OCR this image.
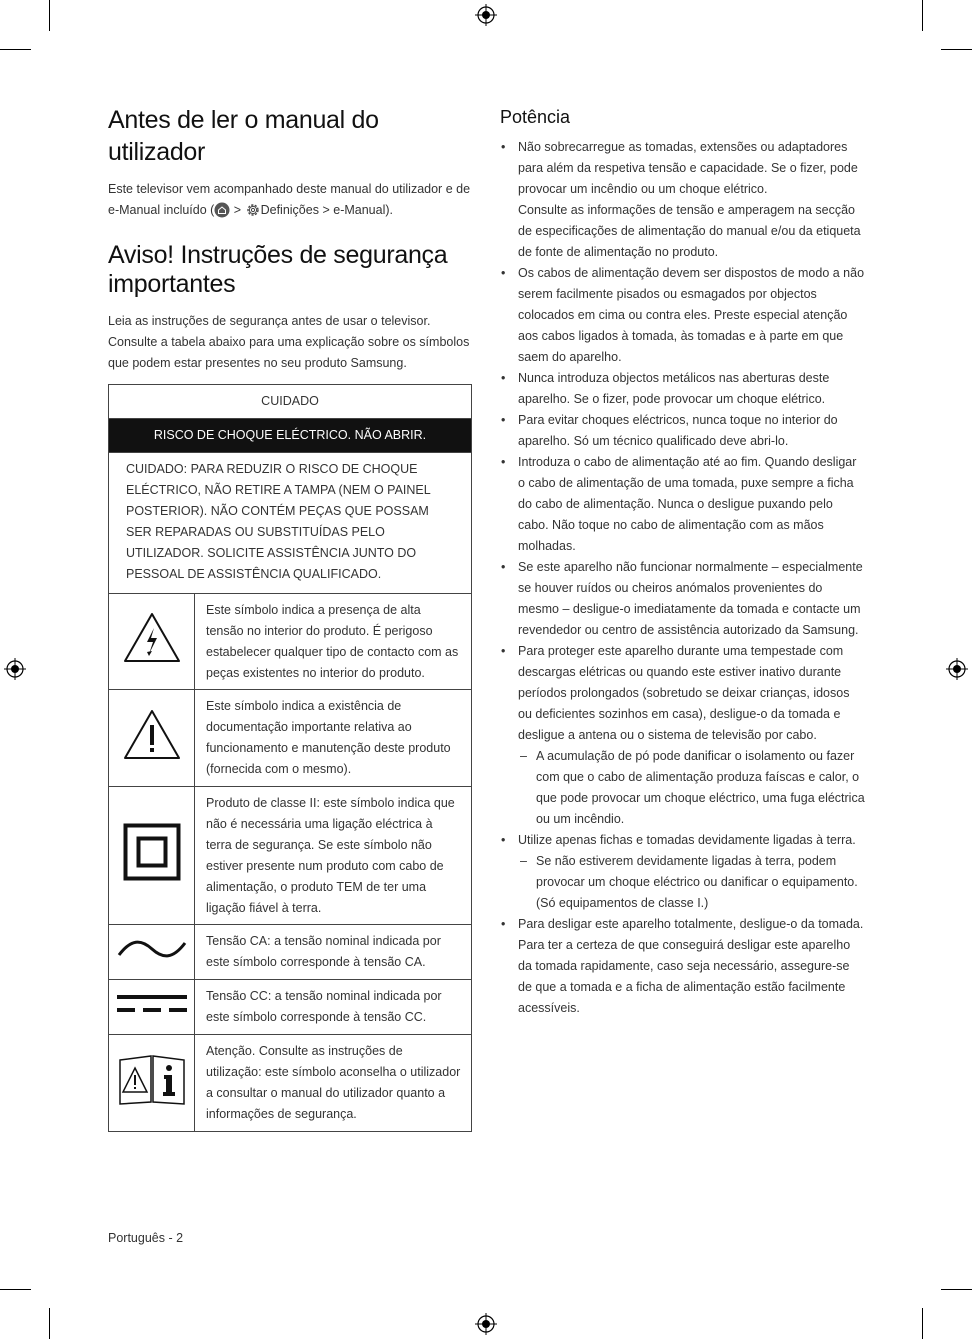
Antes de ler o manual do utilizador

Este televisor vem acompanhado deste manual do utilizador e de e-Manual incluído ( > Definições > e-Manual).

Aviso! Instruções de segurança importantes

Leia as instruções de segurança antes de usar o televisor. Consulte a tabela abaixo para uma explicação sobre os símbolos que podem estar presentes no seu produto Samsung.

CUIDADO	
RISCO DE CHOQUE ELÉCTRICO. NÃO ABRIR.	
CUIDADO: PARA REDUZIR O RISCO DE CHOQUE ELÉCTRICO, NÃO RETIRE A TAMPA (NEM O PAINEL POSTERIOR). NÃO CONTÉM PEÇAS QUE POSSAM SER REPARADAS OU SUBSTITUÍDAS PELO UTILIZADOR. SOLICITE ASSISTÊNCIA JUNTO DO PESSOAL DE ASSISTÊNCIA QUALIFICADO.	
	Este símbolo indica a presença de alta tensão no interior do produto. É perigoso estabelecer qualquer tipo de contacto com as peças existentes no interior do produto.
	Este símbolo indica a existência de documentação importante relativa ao funcionamento e manutenção deste produto (fornecida com o mesmo).
	Produto de classe II: este símbolo indica que não é necessária uma ligação eléctrica à terra de segurança. Se este símbolo não estiver presente num produto com cabo de alimentação, o produto TEM de ter uma ligação fiável à terra.
	Tensão CA: a tensão nominal indicada por este símbolo corresponde à tensão CA.
	Tensão CC: a tensão nominal indicada por este símbolo corresponde à tensão CC.
	Atenção. Consulte as instruções de utilização: este símbolo aconselha o utilizador a consultar o manual do utilizador quanto a informações de segurança.
Potência
• Não sobrecarregue as tomadas, extensões ou adaptadores para além da respetiva tensão e capacidade. Se o fizer, pode provocar um incêndio ou um choque elétrico.
Consulte as informações de tensão e amperagem na secção de especificações de alimentação do manual e/ou da etiqueta de fonte de alimentação no produto.
• Os cabos de alimentação devem ser dispostos de modo a não serem facilmente pisados ou esmagados por objectos colocados em cima ou contra eles. Preste especial atenção aos cabos ligados à tomada, às tomadas e à parte em que saem do aparelho.
• Nunca introduza objectos metálicos nas aberturas deste aparelho. Se o fizer, pode provocar um choque elétrico.
• Para evitar choques eléctricos, nunca toque no interior do aparelho. Só um técnico qualificado deve abri-lo.
• Introduza o cabo de alimentação até ao fim. Quando desligar o cabo de alimentação de uma tomada, puxe sempre a ficha do cabo de alimentação. Nunca o desligue puxando pelo cabo. Não toque no cabo de alimentação com as mãos molhadas.
• Se este aparelho não funcionar normalmente – especialmente se houver ruídos ou cheiros anómalos provenientes do mesmo – desligue-o imediatamente da tomada e contacte um revendedor ou centro de assistência autorizado da Samsung.
• Para proteger este aparelho durante uma tempestade com descargas elétricas ou quando este estiver inativo durante períodos prolongados (sobretudo se deixar crianças, idosos ou deficientes sozinhos em casa), desligue-o da tomada e desligue a antena ou o sistema de televisão por cabo.
– A acumulação de pó pode danificar o isolamento ou fazer com que o cabo de alimentação produza faíscas e calor, o que pode provocar um choque eléctrico, uma fuga eléctrica ou um incêndio.
• Utilize apenas fichas e tomadas devidamente ligadas à terra.
– Se não estiverem devidamente ligadas à terra, podem provocar um choque eléctrico ou danificar o equipamento. (Só equipamentos de classe I.)
• Para desligar este aparelho totalmente, desligue-o da tomada. Para ter a certeza de que conseguirá desligar este aparelho da tomada rapidamente, caso seja necessário, assegure-se de que a tomada e a ficha de alimentação estão facilmente acessíveis.
Português - 2
